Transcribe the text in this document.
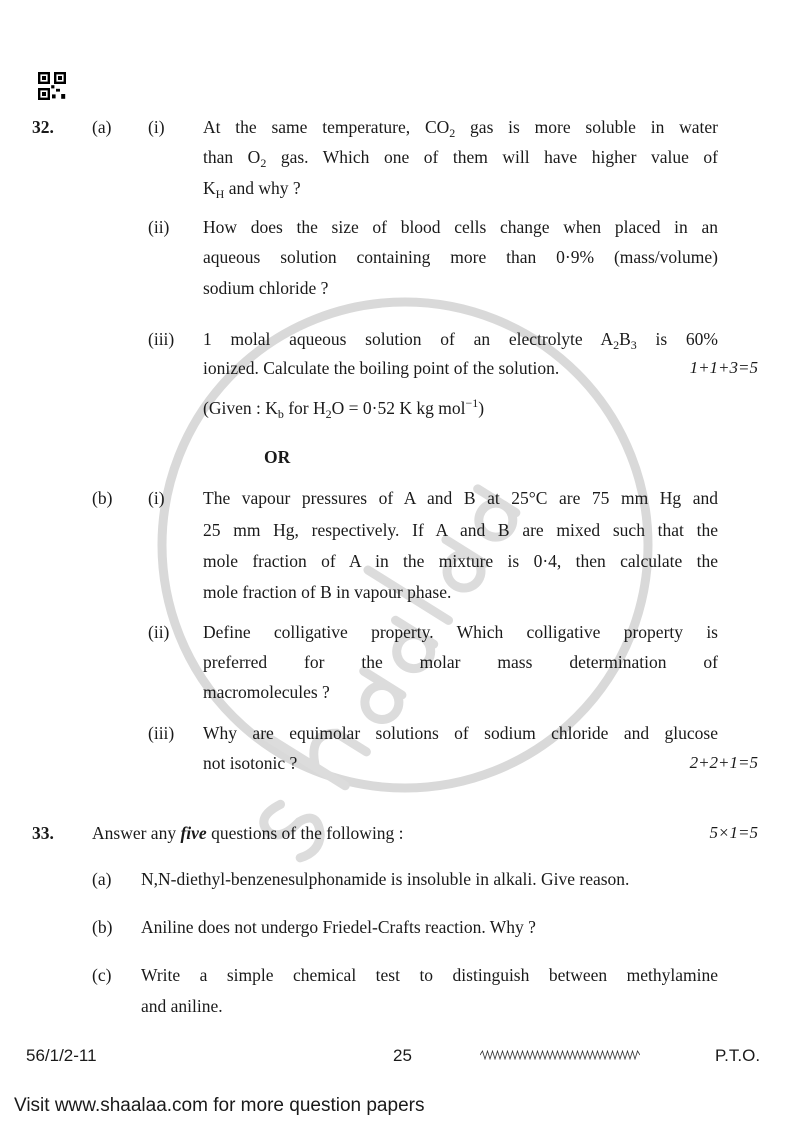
32. (a) (i) At the same temperature, $CO_2$ gas is more soluble in water
than $O_2$ gas. Which one of them will have higher value of
$K_H$ and why ?
(ii) How does the size of blood cells change when placed in an
aqueous solution containing more than 0·9% (mass/volume)
sodium chloride ?
(iii) 1 molal aqueous solution of an electrolyte $A_2B_3$ is 60%
ionized. Calculate the boiling point of the solution.	1+1+3=5
(Given : $K_b$ for $H_2O = 0\cdot 52$ K kg mol$^{-1}$)
OR
(b) (i) The vapour pressures of A and B at 25°C are 75 mm Hg and
25 mm Hg, respectively. If A and B are mixed such that the
mole fraction of A in the mixture is 0·4, then calculate the
mole fraction of B in vapour phase.
(ii) Define colligative property. Which colligative property is
preferred for the molar mass determination of
macromolecules ?
(iii) Why are equimolar solutions of sodium chloride and glucose
not isotonic ?	2+2+1=5
33. Answer any five questions of the following :	5×1=5
(a) N,N-diethyl-benzenesulphonamide is insoluble in alkali. Give reason.
(b) Aniline does not undergo Friedel-Crafts reaction. Why ?
(c) Write a simple chemical test to distinguish between methylamine
and aniline.
56/1/2-11	25	P.T.O.
Visit www.shaalaa.com for more question papers
